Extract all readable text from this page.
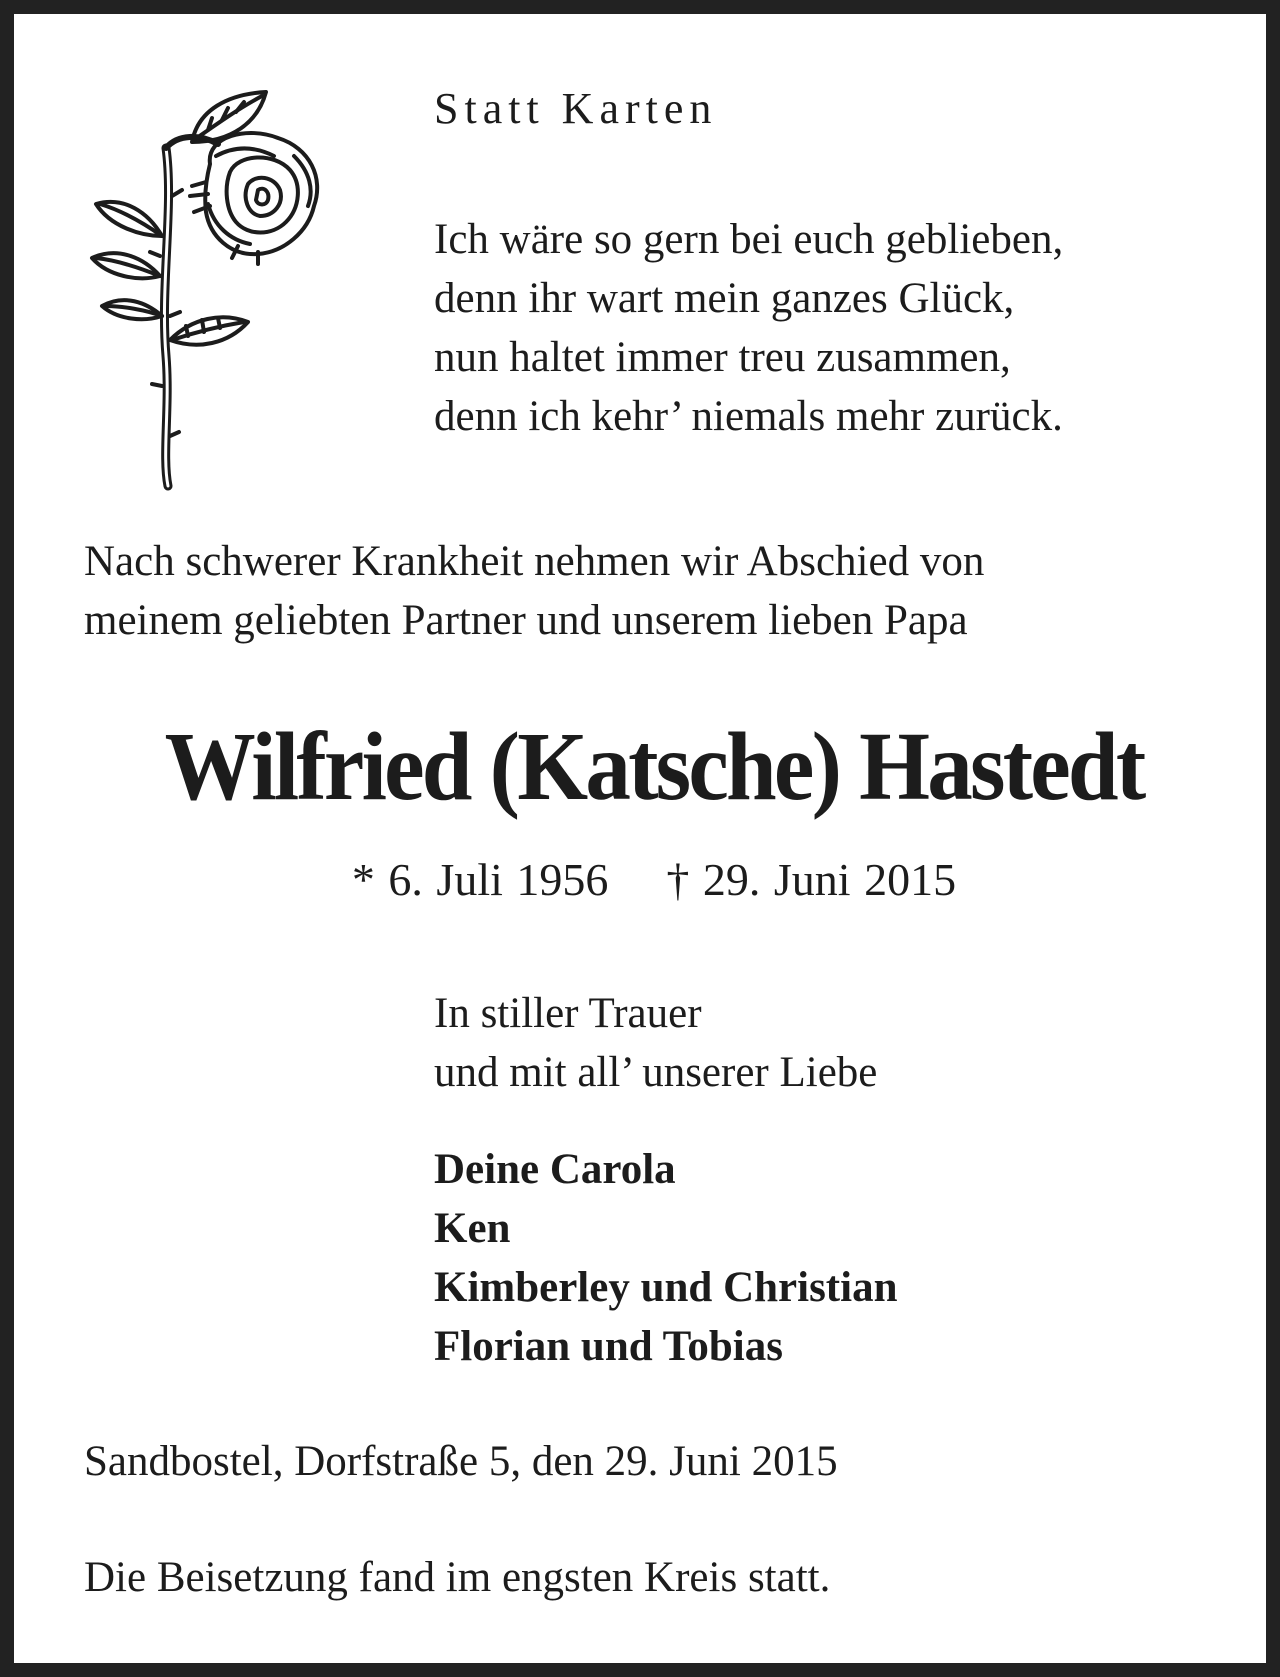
Statt Karten
Ich wäre so gern bei euch geblieben,
denn ihr wart mein ganzes Glück,
nun haltet immer treu zusammen,
denn ich kehr’ niemals mehr zurück.
Nach schwerer Krankheit nehmen wir Abschied von
meinem geliebten Partner und unserem lieben Papa
Wilfried (Katsche) Hastedt
* 6. Juli 1956 † 29. Juni 2015
In stiller Trauer
und mit all’ unserer Liebe
Deine Carola
Ken
Kimberley und Christian
Florian und Tobias
Sandbostel, Dorfstraße 5, den 29. Juni 2015
Die Beisetzung fand im engsten Kreis statt.
